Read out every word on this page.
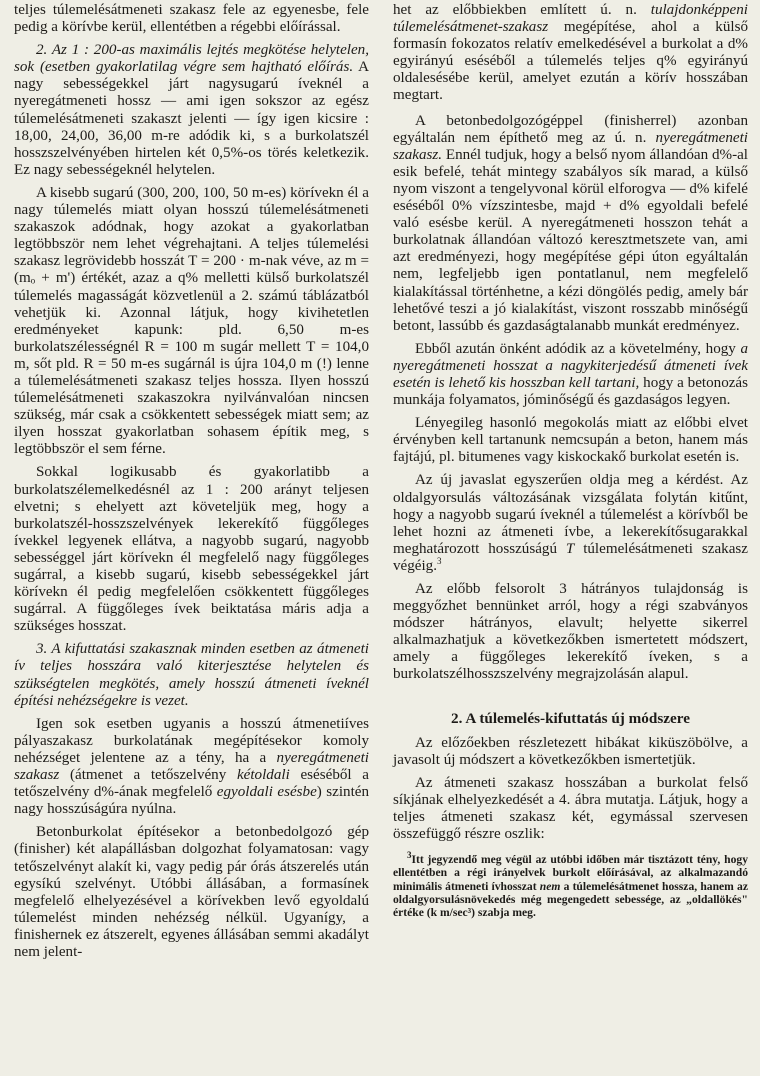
teljes túlemelésátmeneti szakasz fele az egyenesbe, fele pedig a körívbe kerül, ellentétben a régebbi előírással.

2. Az 1 : 200-as maximális lejtés megkötése helytelen, sok (esetben gyakorlatilag végre sem hajtható előírás. A nagy sebességekkel járt nagysugarú íveknél a nyeregátmeneti hossz — ami igen sokszor az egész túlemelésátmeneti szakaszt jelenti — így igen kicsire : 18,00, 24,00, 36,00 m-re adódik ki, s a burkolatszél hosszszelvényében hirtelen két 0,5%-os törés keletkezik. Ez nagy sebességeknél helytelen.

A kisebb sugarú (300, 200, 100, 50 m-es) körívekn él a nagy túlemelés miatt olyan hosszú túlemelésátmeneti szakaszok adódnak, hogy azokat a gyakorlatban legtöbbször nem lehet végrehajtani. A teljes túlemelési szakasz legrövidebb hosszát T = 200 · m-nak véve, az m = (mₒ + m') értékét, azaz a q% melletti külső burkolatszél túlemelés magasságát közvetlenül a 2. számú táblázatból vehetjük ki. Azonnal látjuk, hogy kivihetetlen eredményeket kapunk: pld. 6,50 m-es burkolatszélességnél R = 100 m sugár mellett T = 104,0 m, sőt pld. R = 50 m-es sugárnál is újra 104,0 m (!) lenne a túlemelésátmeneti szakasz teljes hossza. Ilyen hosszú túlemelésátmeneti szakaszokra nyilvánvalóan nincsen szükség, már csak a csökkentett sebességek miatt sem; az ilyen hosszat gyakorlatban sohasem építik meg, s legtöbbször el sem férne.

Sokkal logikusabb és gyakorlatibb a burkolatszélemelkedésnél az 1 : 200 arányt teljesen elvetni; s ehelyett azt követeljük meg, hogy a burkolatszél-hosszszelvények lekerekítő függőleges ívekkel legyenek ellátva, a nagyobb sugarú, nagyobb sebességgel járt körívekn él megfelelő nagy függőleges sugárral, a kisebb sugarú, kisebb sebességekkel járt körívekn él pedig megfelelően csökkentett függőleges sugárral. A függőleges ívek beiktatása máris adja a szükséges hosszat.

3. A kifuttatási szakasznak minden esetben az átmeneti ív teljes hosszára való kiterjesztése helytelen és szükségtelen megkötés, amely hosszú átmeneti íveknél építési nehézségekre is vezet.

Igen sok esetben ugyanis a hosszú átmenetiíves pályaszakasz burkolatának megépítésekor komoly nehézséget jelentene az a tény, ha a nyeregátmeneti szakasz (átmenet a tetőszelvény kétoldali eséséből a tetőszelvény d%-ának megfelelő egyoldali esésbe) szintén nagy hosszúságúra nyúlna.

Betonburkolat építésekor a betonbedolgozó gép (finisher) két alapállásban dolgozhat folyamatosan: vagy tetőszelvényt alakít ki, vagy pedig pár órás átszerelés után egysíkú szelvényt. Utóbbi állásában, a formasínek megfelelő elhelyezésével a körívekben levő egyoldalú túlemelést minden nehézség nélkül. Ugyanígy, a finishernek ez átszerelt, egyenes állásában semmi akadályt nem jelent-

het az előbbiekben említett ú. n. tulajdonképpeni túlemelésátmenet-szakasz megépítése, ahol a külső formasín fokozatos relatív emelkedésével a burkolat a d% egyirányú eséséből a túlemelés teljes q% egyirányú oldalesésébe kerül, amelyet ezután a körív hosszában megtart.

A betonbedolgozógéppel (finisherrel) azonban egyáltalán nem építhető meg az ú. n. nyeregátmeneti szakasz. Ennél tudjuk, hogy a belső nyom állandóan d%-al esik befelé, tehát mintegy szabályos sík marad, a külső nyom viszont a tengelyvonal körül elforogva — d% kifelé eséséből 0% vízszintesbe, majd + d% egyoldali befelé való esésbe kerül. A nyeregátmeneti hosszon tehát a burkolatnak állandóan változó keresztmetszete van, ami azt eredményezi, hogy megépítése gépi úton egyáltalán nem, legfeljebb igen pontatlanul, nem megfelelő kialakítással történhetne, a kézi döngölés pedig, amely bár lehetővé teszi a jó kialakítást, viszont rosszabb minőségű betont, lassúbb és gazdaságtalanabb munkát eredményez.

Ebből azután önként adódik az a követelmény, hogy a nyeregátmeneti hosszat a nagykiterjedésű átmeneti ívek esetén is lehető kis hosszban kell tartani, hogy a betonozás munkája folyamatos, jóminőségű és gazdaságos legyen.

Lényegileg hasonló megokolás miatt az előbbi elvet érvényben kell tartanunk nemcsupán a beton, hanem más fajtájú, pl. bitumenes vagy kiskockakő burkolat esetén is.

Az új javaslat egyszerűen oldja meg a kérdést. Az oldalgyorsulás változásának vizsgálata folytán kitűnt, hogy a nagyobb sugarú íveknél a túlemelést a körívből be lehet hozni az átmeneti ívbe, a lekerekítősugarakkal meghatározott hosszúságú T túlemelésátmeneti szakasz végéig.$^3$

Az előbb felsorolt 3 hátrányos tulajdonság is meggyőzhet bennünket arról, hogy a régi szabványos módszer hátrányos, elavult; helyette sikerrel alkalmazhatjuk a következőkben ismertetett módszert, amely a függőleges lekerekítő íveken, s a burkolatszélhosszszelvény megrajzolásán alapul.

2. A túlemelés-kifuttatás új módszere

Az előzőekben részletezett hibákat kiküszöbölve, a javasolt új módszert a következőkben ismertetjük.

Az átmeneti szakasz hosszában a burkolat felső síkjának elhelyezkedését a 4. ábra mutatja. Látjuk, hogy a teljes átmeneti szakasz két, egymással szervesen összefüggő részre oszlik:

$^3$Itt jegyzendő meg végül az utóbbi időben már tisztázott tény, hogy ellentétben a régi irányelvek burkolt előírásával, az alkalmazandó minimális átmeneti ívhosszat nem a túlemelésátmenet hossza, hanem az oldalgyorsulásnövekedés még megengedett sebessége, az „oldallökés" értéke (k m/sec³) szabja meg.
